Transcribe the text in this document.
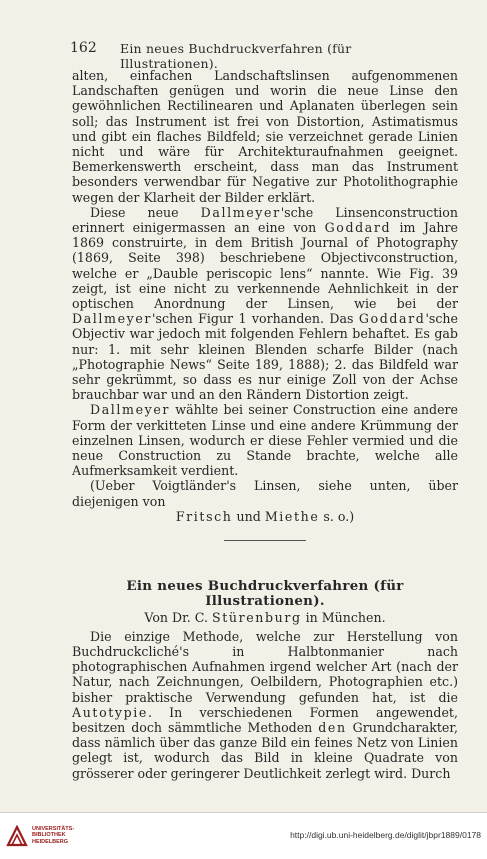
162 Ein neues Buchdruckverfahren (für Illustrationen).

alten, einfachen Landschaftslinsen aufgenommenen Landschaften genügen und worin die neue Linse den gewöhnlichen Rectilinearen und Aplanaten überlegen sein soll; das Instrument ist frei von Distortion, Astimatismus und gibt ein flaches Bildfeld; sie verzeichnet gerade Linien nicht und wäre für Architekturaufnahmen geeignet. Bemerkenswerth erscheint, dass man das Instrument besonders verwendbar für Negative zur Photolithographie wegen der Klarheit der Bilder erklärt.

Diese neue Dallmeyer'sche Linsenconstruction erinnert einigermassen an eine von Goddard im Jahre 1869 construirte, in dem British Journal of Photography (1869, Seite 398) beschriebene Objectivconstruction, welche er „Dauble periscopic lens“ nannte. Wie Fig. 39 zeigt, ist eine nicht zu verkennende Aehnlichkeit in der optischen Anordnung der Linsen, wie bei der Dallmeyer'schen Figur 1 vorhanden. Das Goddard'sche Objectiv war jedoch mit folgenden Fehlern behaftet. Es gab nur: 1. mit sehr kleinen Blenden scharfe Bilder (nach „Photographie News“ Seite 189, 1888); 2. das Bildfeld war sehr gekrümmt, so dass es nur einige Zoll von der Achse brauchbar war und an den Rändern Distortion zeigt.

Dallmeyer wählte bei seiner Construction eine andere Form der verkitteten Linse und eine andere Krümmung der einzelnen Linsen, wodurch er diese Fehler vermied und die neue Construction zu Stande brachte, welche alle Aufmerksamkeit verdient.

(Ueber Voigtländer's Linsen, siehe unten, über diejenigen von

Fritsch und Miethe s. o.)

Ein neues Buchdruckverfahren (für Illustrationen).

Von Dr. C. Stürenburg in München.

Die einzige Methode, welche zur Herstellung von Buchdruckcliché's in Halbtonmanier nach photographischen Aufnahmen irgend welcher Art (nach der Natur, nach Zeichnungen, Oelbildern, Photographien etc.) bisher praktische Verwendung gefunden hat, ist die Autotypie. In verschiedenen Formen angewendet, besitzen doch sämmtliche Methoden den Grundcharakter, dass nämlich über das ganze Bild ein feines Netz von Linien gelegt ist, wodurch das Bild in kleine Quadrate von grösserer oder geringerer Deutlichkeit zerlegt wird. Durch

UNIVERSITÄTS-
BIBLIOTHEK
HEIDELBERG
http://digi.ub.uni-heidelberg.de/diglit/jbpr1889/0178
